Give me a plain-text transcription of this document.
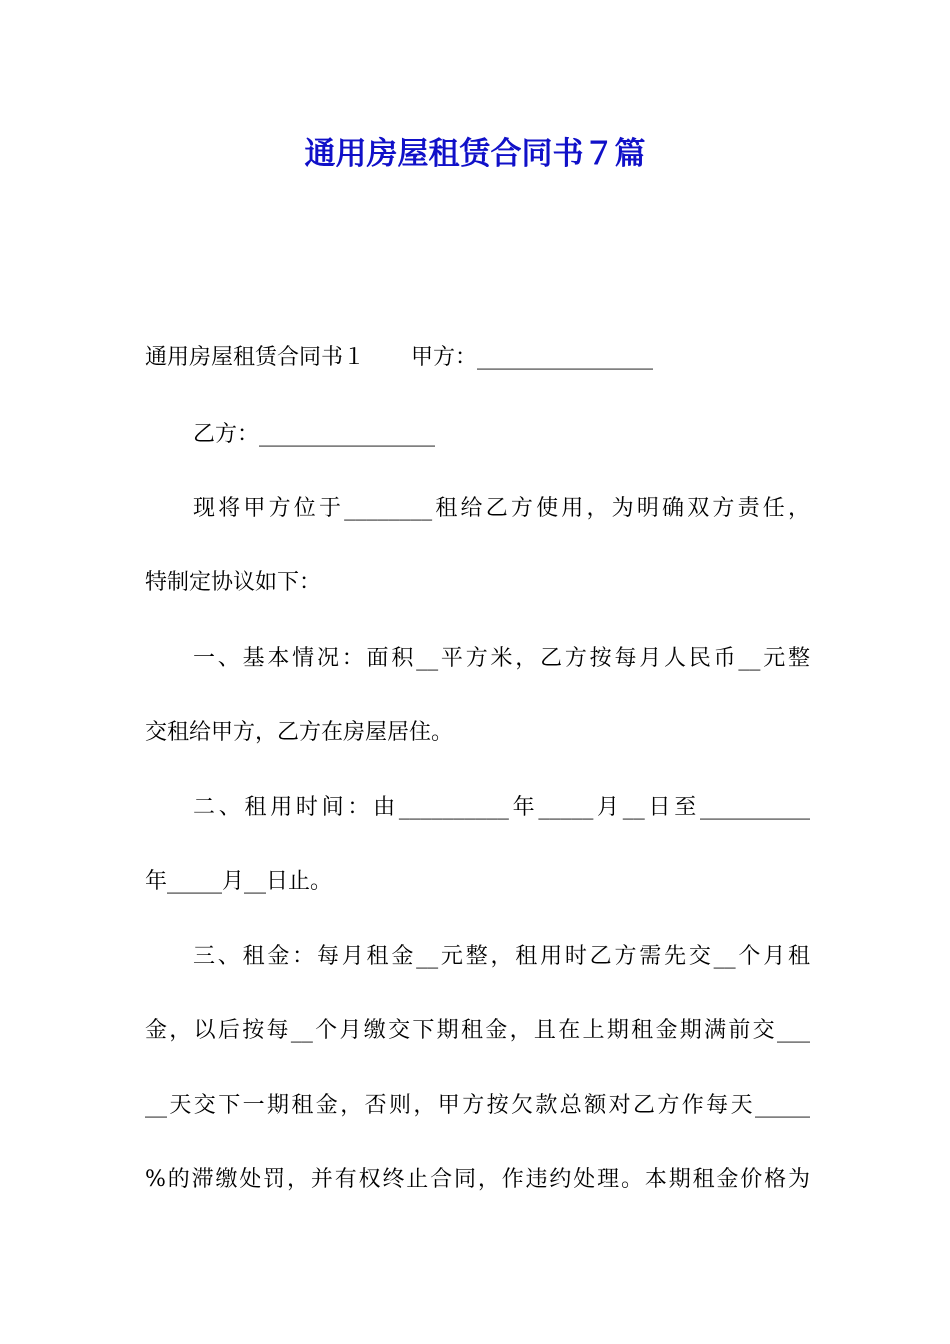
通用房屋租赁合同书７篇

通用房屋租赁合同书１ 甲方：________________

乙方：________________

现将甲方位于________租给乙方使用，为明确双方责任，

特制定协议如下：

一、基本情况：面积__平方米，乙方按每月人民币__元整

交租给甲方，乙方在房屋居住。

二、租用时间：由__________年_____月__日至__________

年_____月__日止。

三、租金：每月租金__元整，租用时乙方需先交__个月租

金，以后按每__个月缴交下期租金，且在上期租金期满前交___

__天交下一期租金，否则，甲方按欠款总额对乙方作每天_____

%的滞缴处罚，并有权终止合同，作违约处理。本期租金价格为
